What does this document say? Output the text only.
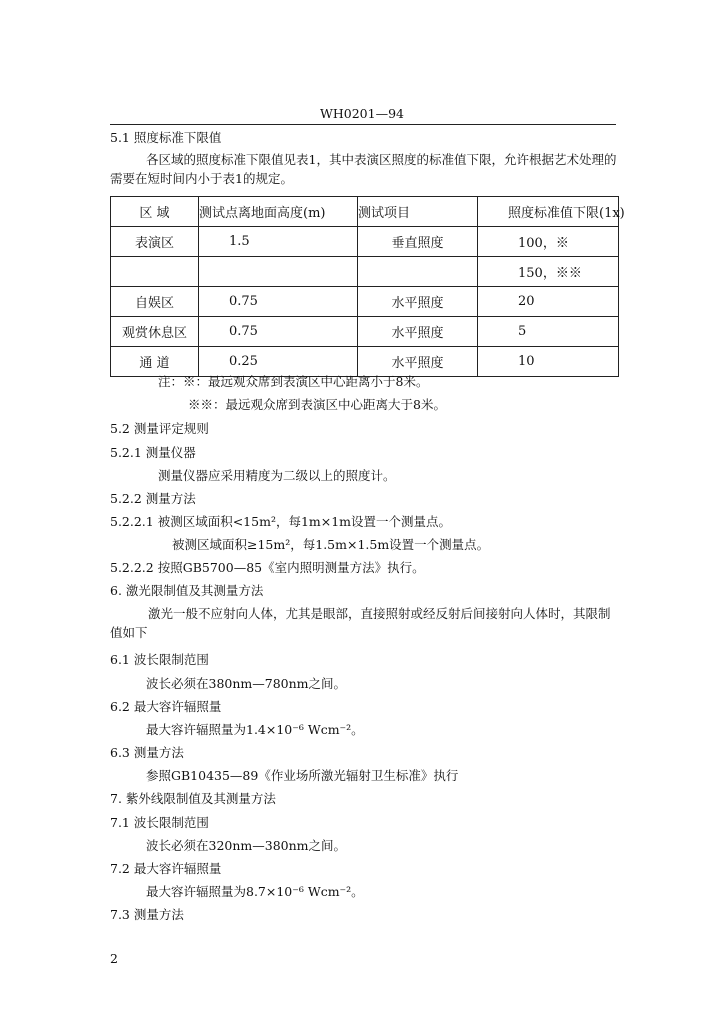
WH0201—94
5.1 照度标准下限值
各区域的照度标准下限值见表1，其中表演区照度的标准值下限，允许根据艺术处理的需要在短时间内小于表1的规定。
区 域	测试点离地面高度(m)	测试项目	照度标准值下限(1x)

表演区	1.5	垂直照度	100，※

			150，※※

自娱区	0.75	水平照度	20

观赏休息区	0.75	水平照度	5

通 道	0.25	水平照度	10
注：※：最远观众席到表演区中心距离小于8米。
※※：最远观众席到表演区中心距离大于8米。
5.2 测量评定规则
5.2.1 测量仪器
测量仪器应采用精度为二级以上的照度计。
5.2.2 测量方法
5.2.2.1 被测区域面积<15m²，每1m×1m设置一个测量点。
被测区域面积≥15m²，每1.5m×1.5m设置一个测量点。
5.2.2.2 按照GB5700—85《室内照明测量方法》执行。
6. 激光限制值及其测量方法
激光一般不应射向人体，尤其是眼部，直接照射或经反射后间接射向人体时，其限制值如下
6.1 波长限制范围
波长必须在380nm—780nm之间。
6.2 最大容许辐照量
最大容许辐照量为1.4×10⁻⁶ Wcm⁻²。
6.3 测量方法
参照GB10435—89《作业场所激光辐射卫生标准》执行
7. 紫外线限制值及其测量方法
7.1 波长限制范围
波长必须在320nm—380nm之间。
7.2 最大容许辐照量
最大容许辐照量为8.7×10⁻⁶ Wcm⁻²。
7.3 测量方法
2
